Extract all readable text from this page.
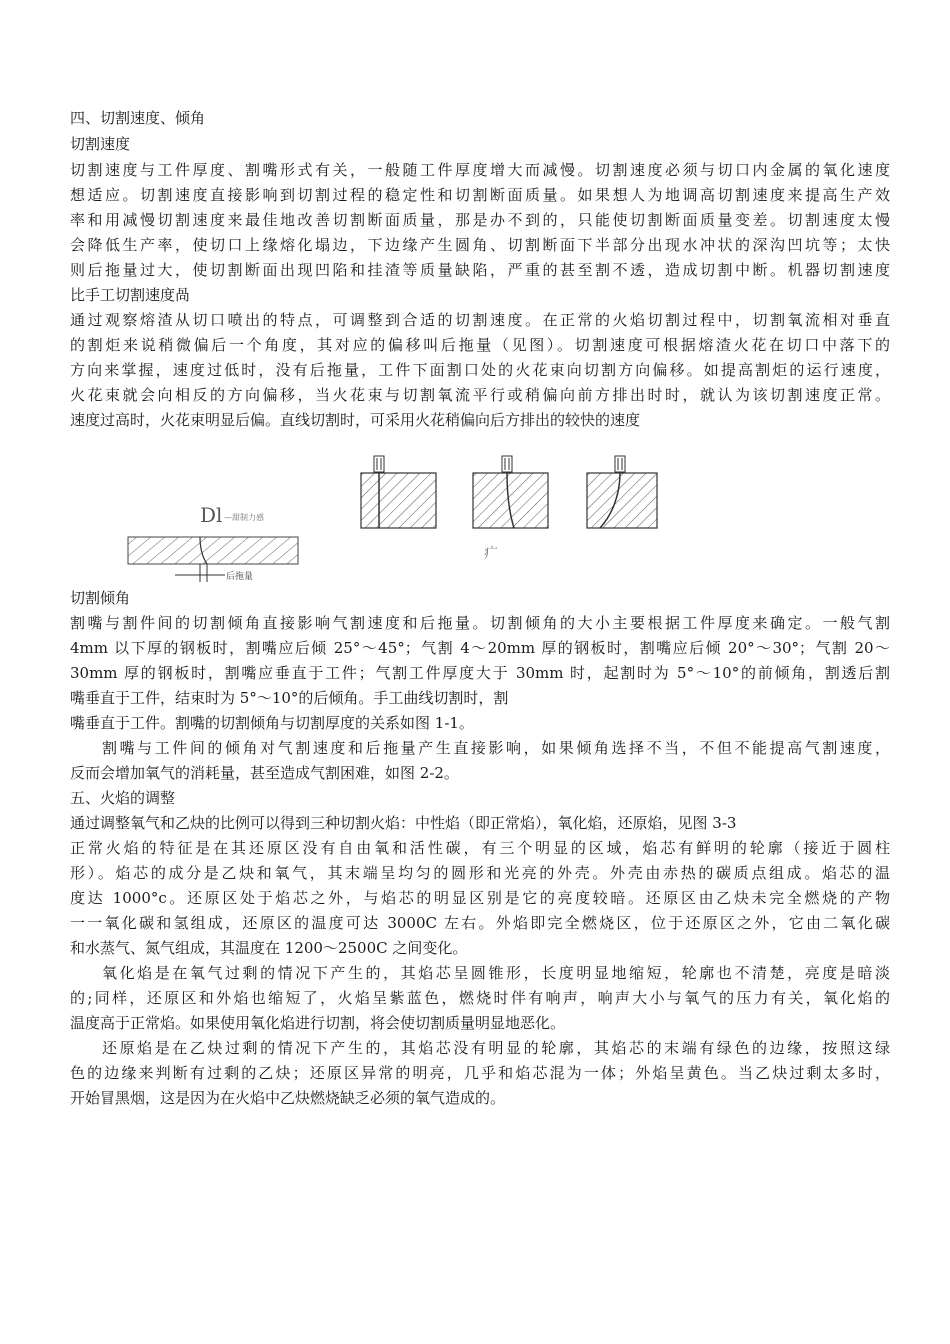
四、切割速度、倾角
切割速度
切割速度与工件厚度、割嘴形式有关，一般随工件厚度增大而减慢。切割速度必须与切口内金属的氧化速度
想适应。切割速度直接影响到切割过程的稳定性和切割断面质量。如果想人为地调高切割速度来提高生产效
率和用减慢切割速度来最佳地改善切割断面质量，那是办不到的，只能使切割断面质量变差。切割速度太慢
会降低生产率，使切口上缘熔化塌边，下边缘产生圆角、切割断面下半部分出现水冲状的深沟凹坑等；太快
则后拖量过大，使切割断面出现凹陷和挂渣等质量缺陷，严重的甚至割不透，造成切割中断。机器切割速度
比手工切割速度咼
通过观察熔渣从切口喷出的特点，可调整到合适的切割速度。在正常的火焰切割过程中，切割氧流相对垂直
的割炬来说稍微偏后一个角度，其对应的偏移叫后拖量（见图）。切割速度可根据熔渣火花在切口中落下的
方向来掌握，速度过低时，没有后拖量，工件下面割口处的火花束向切割方向偏移。如提高割炬的运行速度，
火花束就会向相反的方向偏移，当火花束与切割氧流平行或稍偏向前方排出时时，就认为该切割速度正常。
速度过高时，火花束明显后偏。直线切割时，可采用火花稍偏向后方排出的较快的速度
切割倾角
割嘴与割件间的切割倾角直接影响气割速度和后拖量。切割倾角的大小主要根据工件厚度来确定。一般气割
4mm 以下厚的钢板时，割嘴应后倾 25°～45°；气割 4～20mm 厚的钢板时，割嘴应后倾 20°～30°；气割 20～
30mm 厚的钢板时，割嘴应垂直于工件；气割工件厚度大于 30mm 时，起割时为 5°～10°的前倾角，割透后割
嘴垂直于工件，结束时为 5°～10°的后倾角。手工曲线切割时，割
嘴垂直于工件。割嘴的切割倾角与切割厚度的关系如图 1-1。
割嘴与工件间的倾角对气割速度和后拖量产生直接影响，如果倾角选择不当，不但不能提高气割速度，
反而会增加氧气的消耗量，甚至造成气割困难，如图 2-2。
五、火焰的调整
通过调整氧气和乙炔的比例可以得到三种切割火焰：中性焰（即正常焰），氧化焰，还原焰，见图 3-3
正常火焰的特征是在其还原区没有自由氧和活性碳，有三个明显的区域，焰芯有鲜明的轮廓（接近于圆柱
形）。焰芯的成分是乙炔和氧气，其末端呈均匀的圆形和光亮的外壳。外壳由赤热的碳质点组成。焰芯的温
度达 1000°c。还原区处于焰芯之外，与焰芯的明显区别是它的亮度较暗。还原区由乙炔未完全燃烧的产物
一一氧化碳和氢组成，还原区的温度可达 3000C 左右。外焰即完全燃烧区，位于还原区之外，它由二氧化碳
和水蒸气、氮气组成，其温度在 1200～2500C 之间变化。
氧化焰是在氧气过剩的情况下产生的，其焰芯呈圆锥形，长度明显地缩短，轮廓也不清楚，亮度是暗淡
的;同样，还原区和外焰也缩短了，火焰呈紫蓝色，燃烧时伴有响声，响声大小与氧气的压力有关，氧化焰的
温度高于正常焰。如果使用氧化焰进行切割，将会使切割质量明显地恶化。
还原焰是在乙炔过剩的情况下产生的，其焰芯没有明显的轮廓，其焰芯的末端有绿色的边缘，按照这绿
色的边缘来判断有过剩的乙炔；还原区异常的明亮，几乎和焰芯混为一体；外焰呈黄色。当乙炔过剩太多时，
开始冒黑烟，这是因为在火焰中乙炔燃烧缺乏必须的氧气造成的。
Dl —甜制力感
后拖量
疒
